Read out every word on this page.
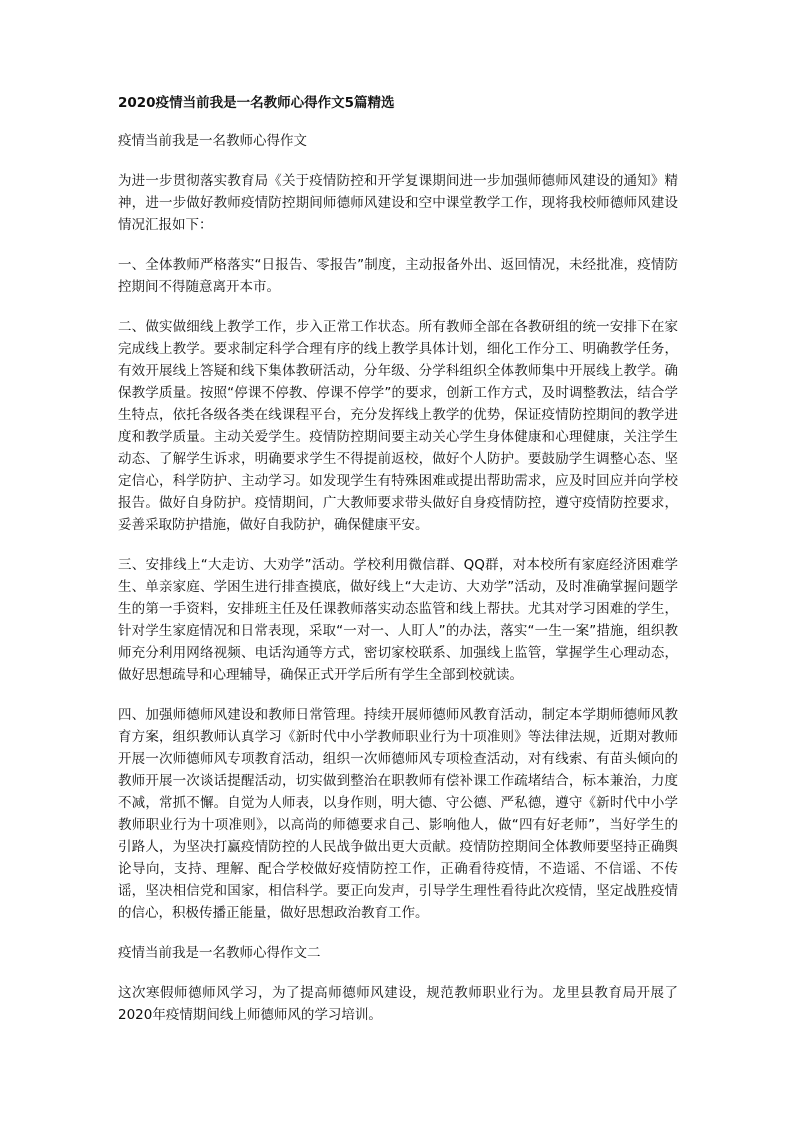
2020疫情当前我是一名教师心得作文5篇精选
疫情当前我是一名教师心得作文

为进一步贯彻落实教育局《关于疫情防控和开学复课期间进一步加强师德师风建设的通知》精神，进一步做好教师疫情防控期间师德师风建设和空中课堂教学工作，现将我校师德师风建设情况汇报如下：

一、全体教师严格落实“日报告、零报告”制度，主动报备外出、返回情况，未经批准，疫情防控期间不得随意离开本市。

二、做实做细线上教学工作，步入正常工作状态。所有教师全部在各教研组的统一安排下在家完成线上教学。要求制定科学合理有序的线上教学具体计划，细化工作分工、明确教学任务，有效开展线上答疑和线下集体教研活动，分年级、分学科组织全体教师集中开展线上教学。确保教学质量。按照“停课不停教、停课不停学”的要求，创新工作方式，及时调整教法，结合学生特点，依托各级各类在线课程平台，充分发挥线上教学的优势，保证疫情防控期间的教学进度和教学质量。主动关爱学生。疫情防控期间要主动关心学生身体健康和心理健康，关注学生动态、了解学生诉求，明确要求学生不得提前返校，做好个人防护。要鼓励学生调整心态、坚定信心，科学防护、主动学习。如发现学生有特殊困难或提出帮助需求，应及时回应并向学校报告。做好自身防护。疫情期间，广大教师要求带头做好自身疫情防控，遵守疫情防控要求，妥善采取防护措施，做好自我防护，确保健康平安。

三、安排线上“大走访、大劝学”活动。学校利用微信群、QQ群，对本校所有家庭经济困难学生、单亲家庭、学困生进行排查摸底，做好线上“大走访、大劝学”活动，及时准确掌握问题学生的第一手资料，安排班主任及任课教师落实动态监管和线上帮扶。尤其对学习困难的学生，针对学生家庭情况和日常表现，采取“一对一、人盯人”的办法，落实“一生一案”措施，组织教师充分利用网络视频、电话沟通等方式，密切家校联系、加强线上监管，掌握学生心理动态，做好思想疏导和心理辅导，确保正式开学后所有学生全部到校就读。

四、加强师德师风建设和教师日常管理。持续开展师德师风教育活动，制定本学期师德师风教育方案，组织教师认真学习《新时代中小学教师职业行为十项准则》等法律法规，近期对教师开展一次师德师风专项教育活动，组织一次师德师风专项检查活动，对有线索、有苗头倾向的教师开展一次谈话提醒活动，切实做到整治在职教师有偿补课工作疏堵结合，标本兼治，力度不减，常抓不懈。自觉为人师表，以身作则，明大德、守公德、严私德，遵守《新时代中小学教师职业行为十项准则》，以高尚的师德要求自己、影响他人，做“四有好老师”，当好学生的引路人，为坚决打赢疫情防控的人民战争做出更大贡献。疫情防控期间全体教师要坚持正确舆论导向，支持、理解、配合学校做好疫情防控工作，正确看待疫情，不造谣、不信谣、不传谣，坚决相信党和国家，相信科学。要正向发声，引导学生理性看待此次疫情，坚定战胜疫情的信心，积极传播正能量，做好思想政治教育工作。

疫情当前我是一名教师心得作文二

这次寒假师德师风学习，为了提高师德师风建设，规范教师职业行为。龙里县教育局开展了2020年疫情期间线上师德师风的学习培训。
